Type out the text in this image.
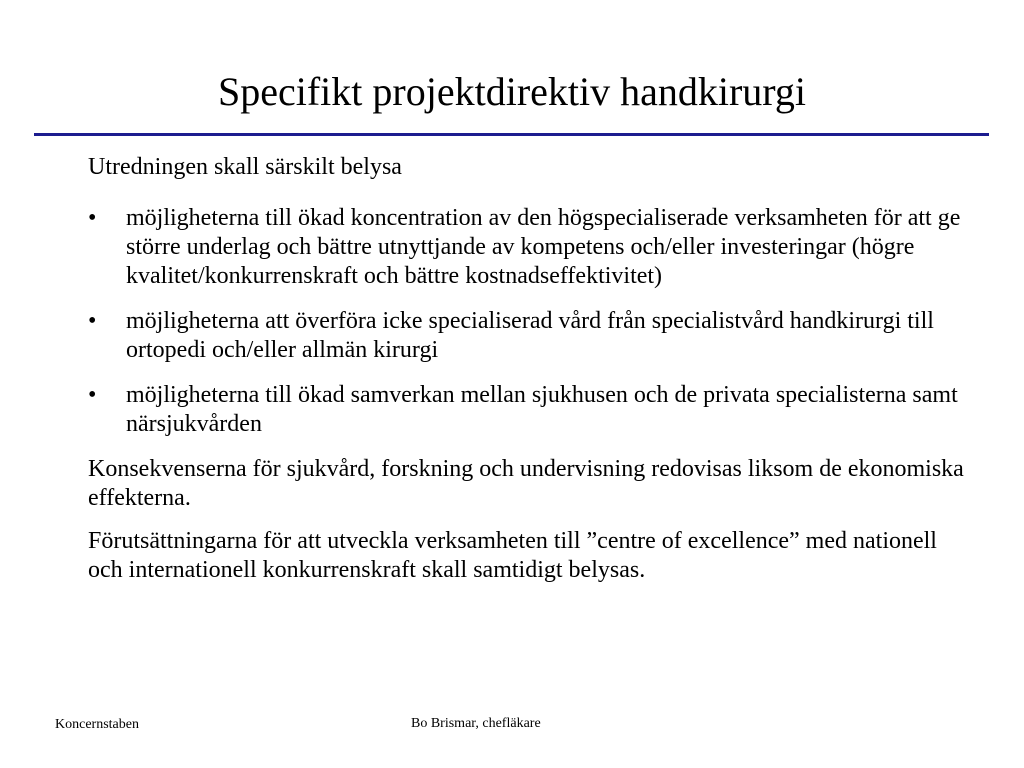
Specifikt projektdirektiv handkirurgi

Utredningen skall särskilt belysa

• möjligheterna till ökad koncentration av den högspecialiserade verksamheten för att ge större underlag och bättre utnyttjande av kompetens och/eller investeringar (högre kvalitet/konkurrenskraft och bättre kostnadseffektivitet)
• möjligheterna att överföra icke specialiserad vård från specialistvård handkirurgi till ortopedi och/eller allmän kirurgi
• möjligheterna till ökad samverkan mellan sjukhusen och de privata specialisterna samt närsjukvården

Konsekvenserna för sjukvård, forskning och undervisning redovisas liksom de ekonomiska effekterna.

Förutsättningarna för att utveckla verksamheten till ”centre of excellence” med nationell och internationell konkurrenskraft skall samtidigt belysas.

Koncernstaben	Bo Brismar, chefläkare
